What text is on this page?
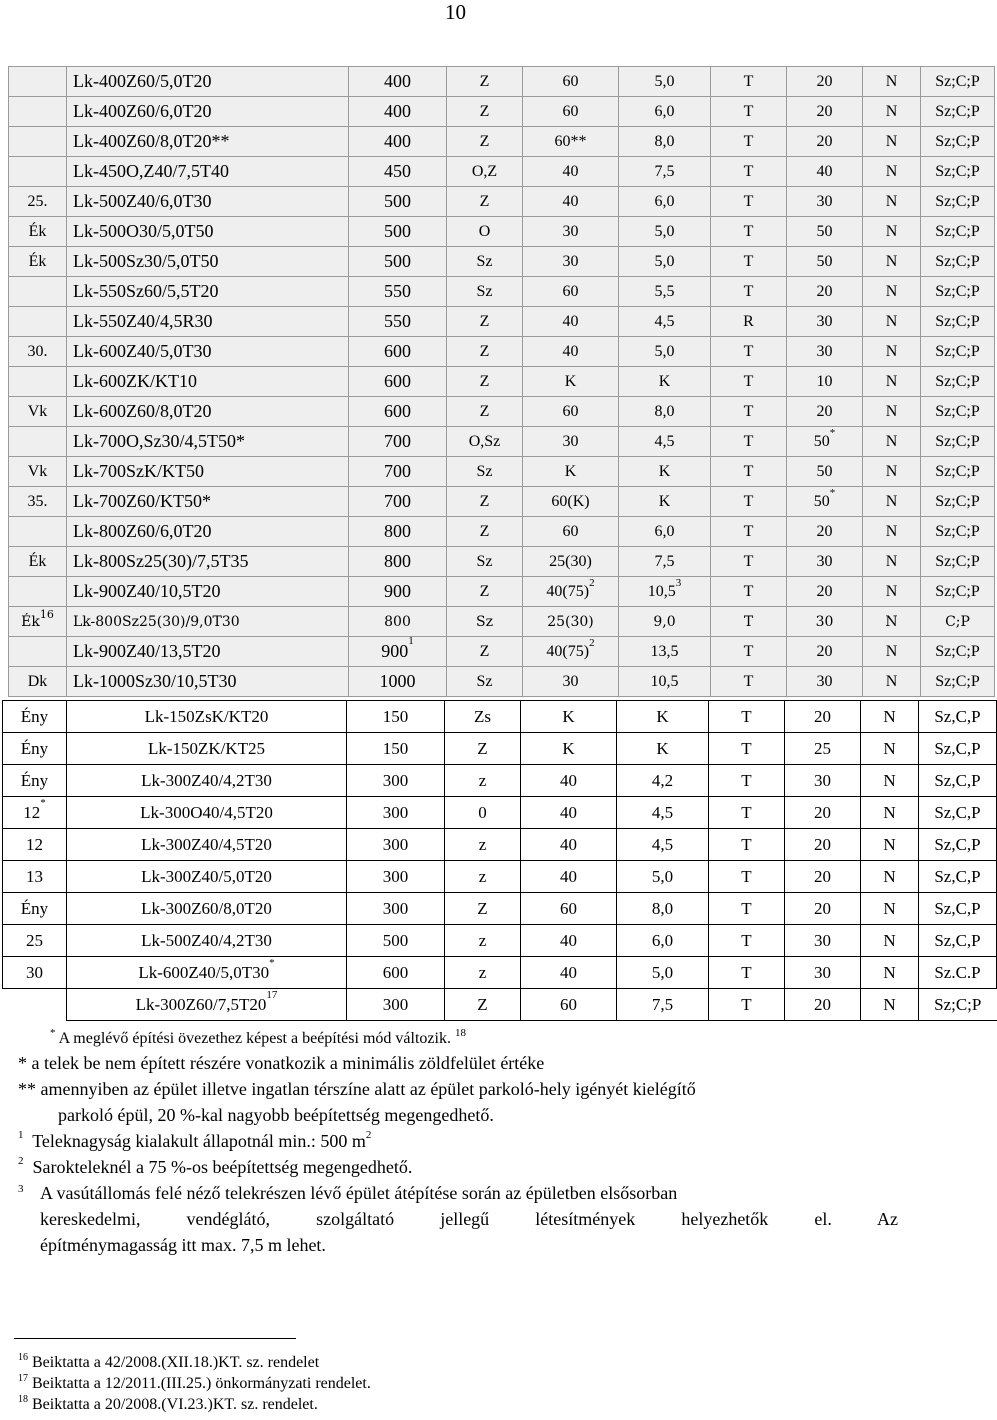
10
	Lk-400Z60/5,0T20	400	Z	60	5,0	T	20	N	Sz;C;P
	Lk-400Z60/6,0T20	400	Z	60	6,0	T	20	N	Sz;C;P
	Lk-400Z60/8,0T20**	400	Z	60**	8,0	T	20	N	Sz;C;P
	Lk-450O,Z40/7,5T40	450	O,Z	40	7,5	T	40	N	Sz;C;P
25.	Lk-500Z40/6,0T30	500	Z	40	6,0	T	30	N	Sz;C;P
Ék	Lk-500O30/5,0T50	500	O	30	5,0	T	50	N	Sz;C;P
Ék	Lk-500Sz30/5,0T50	500	Sz	30	5,0	T	50	N	Sz;C;P
	Lk-550Sz60/5,5T20	550	Sz	60	5,5	T	20	N	Sz;C;P
	Lk-550Z40/4,5R30	550	Z	40	4,5	R	30	N	Sz;C;P
30.	Lk-600Z40/5,0T30	600	Z	40	5,0	T	30	N	Sz;C;P
	Lk-600ZK/KT10	600	Z	K	K	T	10	N	Sz;C;P
Vk	Lk-600Z60/8,0T20	600	Z	60	8,0	T	20	N	Sz;C;P
	Lk-700O,Sz30/4,5T50*	700	O,Sz	30	4,5	T	50*	N	Sz;C;P
Vk	Lk-700SzK/KT50	700	Sz	K	K	T	50	N	Sz;C;P
35.	Lk-700Z60/KT50*	700	Z	60(K)	K	T	50*	N	Sz;C;P
	Lk-800Z60/6,0T20	800	Z	60	6,0	T	20	N	Sz;C;P
Ék	Lk-800Sz25(30)/7,5T35	800	Sz	25(30)	7,5	T	30	N	Sz;C;P
	Lk-900Z40/10,5T20	900	Z	$40(75)^2$	10,5$^3$	T	20	N	Sz;C;P
$Ék^{16}$	Lk-800Sz25(30)/9,0T30	800	Sz	25(30)	9,0	T	30	N	C;P
	Lk-900Z40/13,5T20	$900^1$	Z	$40(75)^2$	13,5	T	20	N	Sz;C;P
Dk	Lk-1000Sz30/10,5T30	1000	Sz	30	10,5	T	30	N	Sz;C;P
Ény	Lk-150ZsK/KT20	150	Zs	K	K	T	20	N	Sz,C,P
Ény	Lk-150ZK/KT25	150	Z	K	K	T	25	N	Sz,C,P
Ény	Lk-300Z40/4,2T30	300	z	40	4,2	T	30	N	Sz,C,P
12*	Lk-300O40/4,5T20	300	0	40	4,5	T	20	N	Sz,C,P
12	Lk-300Z40/4,5T20	300	z	40	4,5	T	20	N	Sz,C,P
13	Lk-300Z40/5,0T20	300	z	40	5,0	T	20	N	Sz,C,P
Ény	Lk-300Z60/8,0T20	300	Z	60	8,0	T	20	N	Sz,C,P
25	Lk-500Z40/4,2T30	500	z	40	6,0	T	30	N	Sz,C,P
30	Lk-600Z40/5,0T30*	600	z	40	5,0	T	30	N	Sz.C.P
	$Lk-300Z60/7,5T20^{17}$	300	Z	60	7,5	T	20	N	Sz;C;P
* A meglévő építési övezethez képest a beépítési mód változik. $^{18}$
* a telek be nem épített részére vonatkozik a minimális zöldfelület értéke
** amennyiben az épület illetve ingatlan térszíne alatt az épület parkoló-hely igényét kielégítő
parkoló épül, 20 %-kal nagyobb beépítettség megengedhető.
$^1$ Teleknagyság kialakult állapotnál min.: 500 $m^2$
$^2$ Sarokteleknél a 75 %-os beépítettség megengedhető.
3 A vasútállomás felé néző telekrészen lévő épület átépítése során az épületben elsősorban
kereskedelmi, vendéglátó, szolgáltató jellegű létesítmények helyezhetők el. Az
építménymagasság itt max. 7,5 m lehet.
$^{16}$ Beiktatta a 42/2008.(XII.18.)KT. sz. rendelet
$^{17}$ Beiktatta a 12/2011.(III.25.) önkormányzati rendelet.
$^{18}$ Beiktatta a 20/2008.(VI.23.)KT. sz. rendelet.
